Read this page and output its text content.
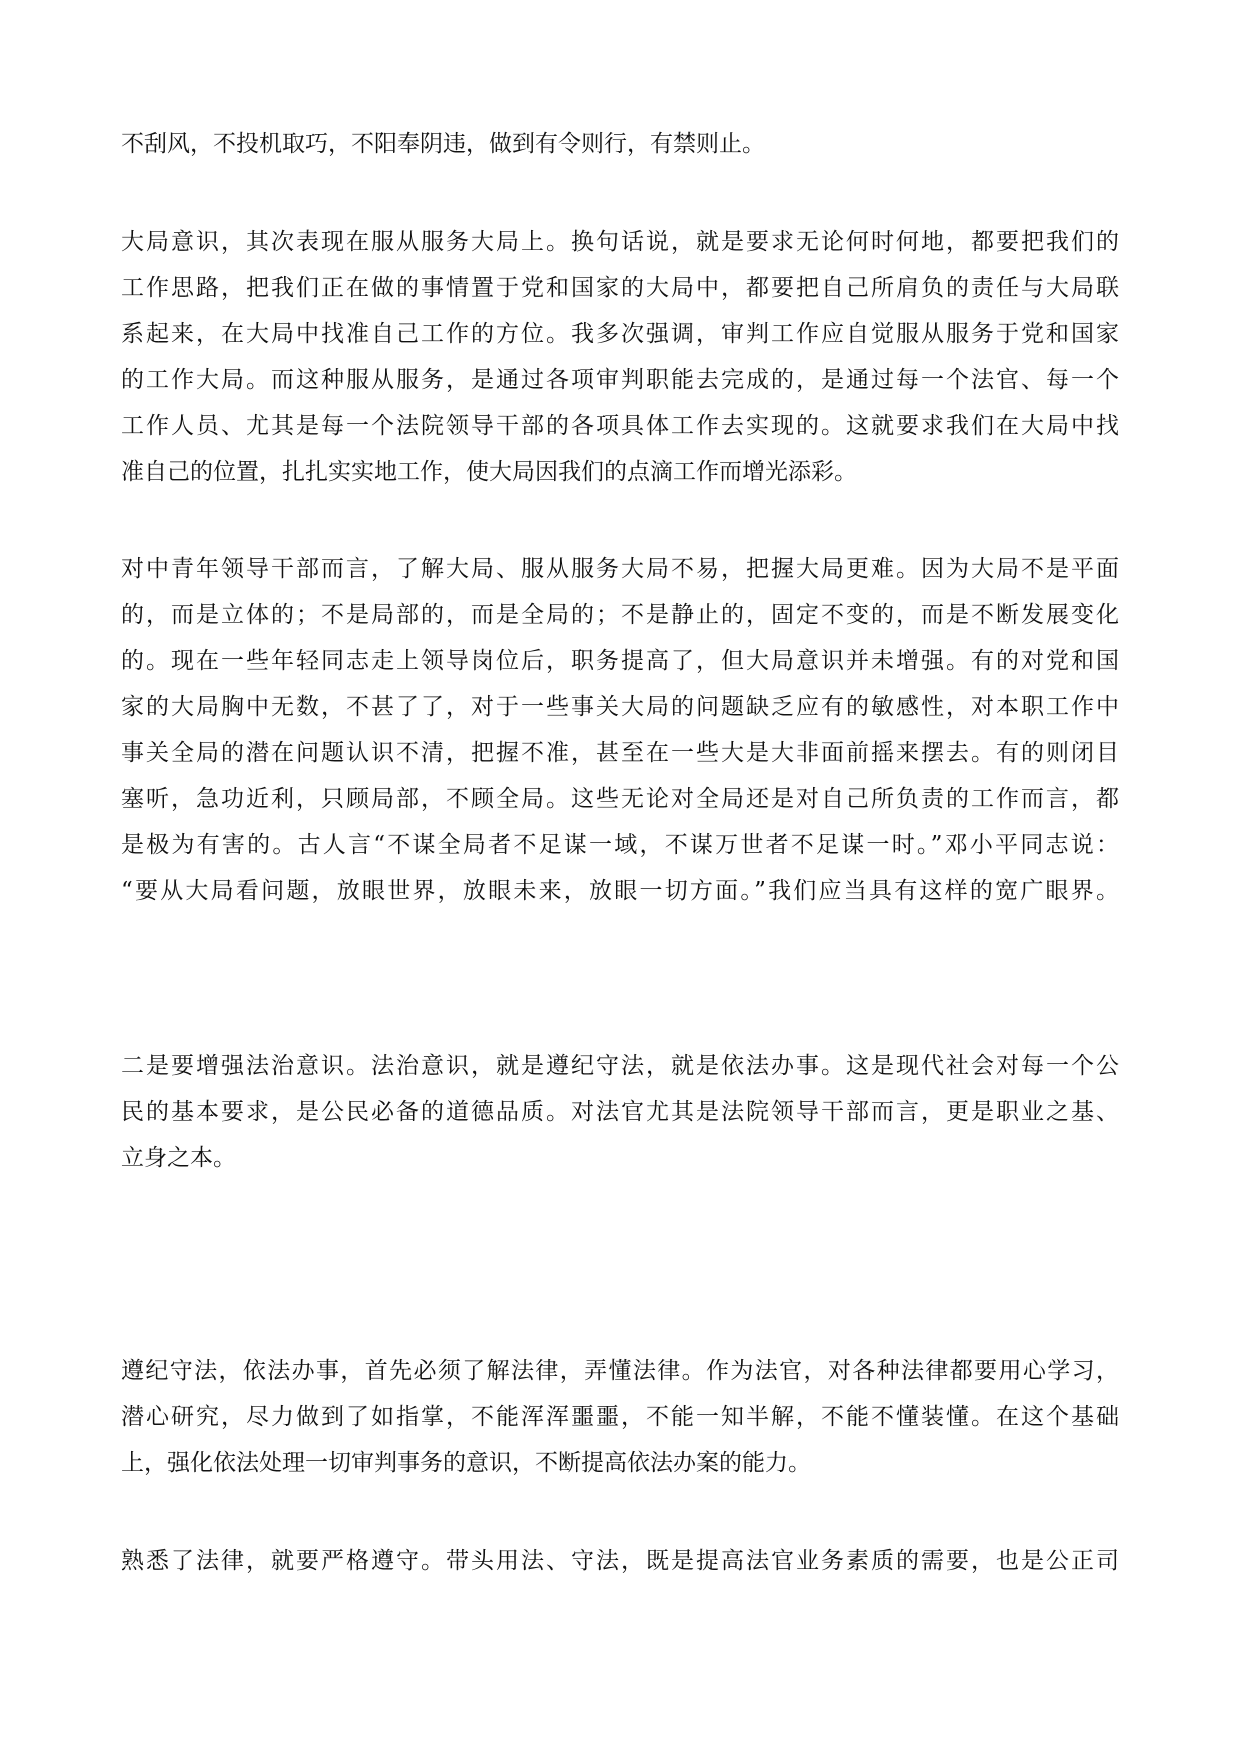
不刮风，不投机取巧，不阳奉阴违，做到有令则行，有禁则止。

大局意识，其次表现在服从服务大局上。换句话说，就是要求无论何时何地，都要把我们的

工作思路，把我们正在做的事情置于党和国家的大局中，都要把自己所肩负的责任与大局联

系起来，在大局中找准自己工作的方位。我多次强调，审判工作应自觉服从服务于党和国家

的工作大局。而这种服从服务，是通过各项审判职能去完成的，是通过每一个法官、每一个

工作人员、尤其是每一个法院领导干部的各项具体工作去实现的。这就要求我们在大局中找

准自己的位置，扎扎实实地工作，使大局因我们的点滴工作而增光添彩。

对中青年领导干部而言，了解大局、服从服务大局不易，把握大局更难。因为大局不是平面

的，而是立体的；不是局部的，而是全局的；不是静止的，固定不变的，而是不断发展变化

的。现在一些年轻同志走上领导岗位后，职务提高了，但大局意识并未增强。有的对党和国

家的大局胸中无数，不甚了了，对于一些事关大局的问题缺乏应有的敏感性，对本职工作中

事关全局的潜在问题认识不清，把握不准，甚至在一些大是大非面前摇来摆去。有的则闭目

塞听，急功近利，只顾局部，不顾全局。这些无论对全局还是对自己所负责的工作而言，都

是极为有害的。古人言“不谋全局者不足谋一域，不谋万世者不足谋一时。”邓小平同志说：

“要从大局看问题，放眼世界，放眼未来，放眼一切方面。”我们应当具有这样的宽广眼界。

二是要增强法治意识。法治意识，就是遵纪守法，就是依法办事。这是现代社会对每一个公

民的基本要求，是公民必备的道德品质。对法官尤其是法院领导干部而言，更是职业之基、

立身之本。

遵纪守法，依法办事，首先必须了解法律，弄懂法律。作为法官，对各种法律都要用心学习，

潜心研究，尽力做到了如指掌，不能浑浑噩噩，不能一知半解，不能不懂装懂。在这个基础

上，强化依法处理一切审判事务的意识，不断提高依法办案的能力。

熟悉了法律，就要严格遵守。带头用法、守法，既是提高法官业务素质的需要，也是公正司
